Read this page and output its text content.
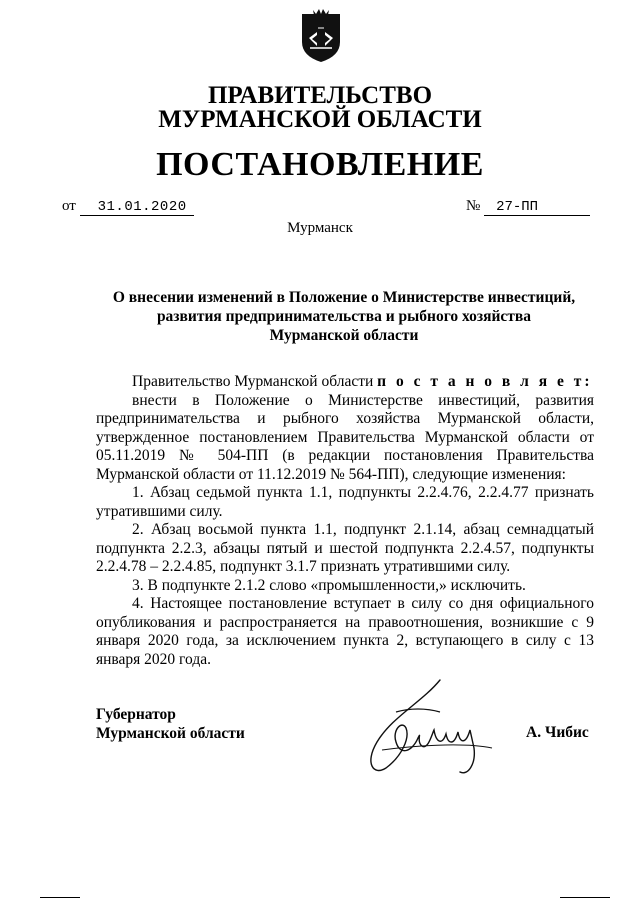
ПРАВИТЕЛЬСТВО
МУРМАНСКОЙ ОБЛАСТИ
ПОСТАНОВЛЕНИЕ
от 31.01.2020	№ 27-ПП
Мурманск
О внесении изменений в Положение о Министерстве инвестиций,
развития предпринимательства и рыбного хозяйства
Мурманской области

Правительство Мурманской области п о с т а н о в л я е т:

внести в Положение о Министерстве инвестиций, развития предпринимательства и рыбного хозяйства Мурманской области, утвержденное постановлением Правительства Мурманской области от 05.11.2019 № 504-ПП (в редакции постановления Правительства Мурманской области от 11.12.2019 № 564-ПП), следующие изменения:

1. Абзац седьмой пункта 1.1, подпункты 2.2.4.76, 2.2.4.77 признать утратившими силу.

2. Абзац восьмой пункта 1.1, подпункт 2.1.14, абзац семнадцатый подпункта 2.2.3, абзацы пятый и шестой подпункта 2.2.4.57, подпункты 2.2.4.78 – 2.2.4.85, подпункт 3.1.7 признать утратившими силу.

3. В подпункте 2.1.2 слово «промышленности,» исключить.

4. Настоящее постановление вступает в силу со дня официального опубликования и распространяется на правоотношения, возникшие с 9 января 2020 года, за исключением пункта 2, вступающего в силу с 13 января 2020 года.

Губернатор
Мурманской области	А. Чибис
